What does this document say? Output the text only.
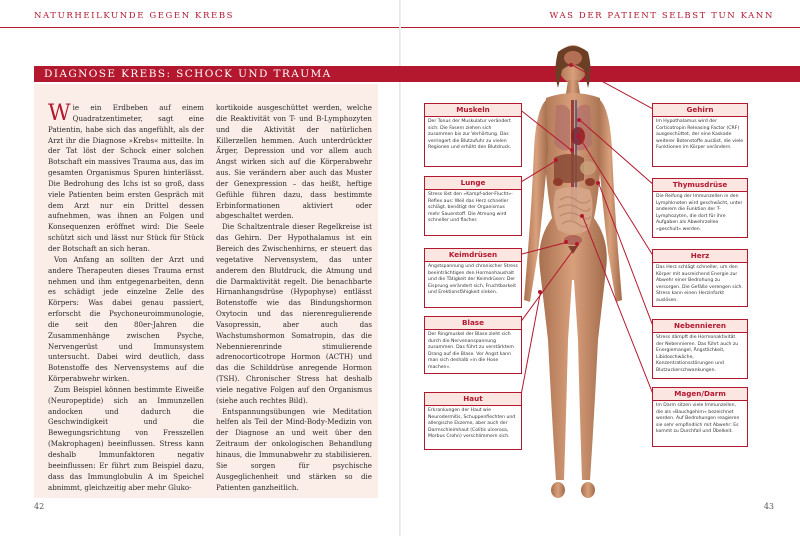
NATURHEILKUNDE GEGEN KREBS	WAS DER PATIENT SELBST TUN KANN
DIAGNOSE KREBS: SCHOCK UND TRAUMA

Wie ein Erdbeben auf einem Quadratzentimeter, sagt eine Patientin, habe sich das angefühlt, als der Arzt ihr die Diagnose »Krebs« mitteilte. In der Tat löst der Schock einer solchen Botschaft ein massives Trauma aus, das im gesamten Organismus Spuren hinterlässt. Die Bedrohung des Ichs ist so groß, dass viele Patienten beim ersten Gespräch mit dem Arzt nur ein Drittel dessen aufnehmen, was ihnen an Folgen und Konsequenzen eröffnet wird: Die Seele schützt sich und lässt nur Stück für Stück der Botschaft an sich heran.

Von Anfang an sollten der Arzt und andere Therapeuten dieses Trauma ernst nehmen und ihm entgegenarbeiten, denn es schädigt jede einzelne Zelle des Körpers: Was dabei genau passiert, erforscht die Psychoneuroimmunologie, die seit den 80er-Jahren die Zusammenhänge zwischen Psyche, Nervengerüst und Immunsystem untersucht. Dabei wird deutlich, dass Botenstoffe des Nervensystems auf die Körperabwehr wirken.

Zum Beispiel können bestimmte Eiweiße (Neuropeptide) sich an Immunzellen andocken und dadurch die Geschwindigkeit und die Bewegungsrichtung von Fresszellen (Makrophagen) beeinflussen. Stress kann deshalb Immunfaktoren negativ beeinflussen: Er führt zum Beispiel dazu, dass das Immunglobulin A im Speichel abnimmt, gleichzeitig aber mehr Gluko-

kortikoide ausgeschüttet werden, welche die Reaktivität von T- und B-Lymphozyten und die Aktivität der natürlichen Killerzellen hemmen. Auch unterdrückter Ärger, Depression und vor allem auch Angst wirken sich auf die Körperabwehr aus. Sie verändern aber auch das Muster der Genexpression – das heißt, heftige Gefühle führen dazu, dass bestimmte Erbinformationen aktiviert oder abgeschaltet werden.

Die Schaltzentrale dieser Regelkreise ist das Gehirn. Der Hypothalamus ist ein Bereich des Zwischenhirns, er steuert das vegetative Nervensystem, das unter anderem den Blutdruck, die Atmung und die Darmaktivität regelt. Die benachbarte Hirnanhangsdrüse (Hypophyse) entlässt Botenstoffe wie das Bindungshormon Oxytocin und das nierenregulierende Vasopressin, aber auch das Wachstumshormon Somatropin, das die Nebennierenrinde stimulierende adrenocorticotrope Hormon (ACTH) und das die Schilddrüse anregende Hormon (TSH). Chronischer Stress hat deshalb viele negative Folgen auf den Organismus (siehe auch rechtes Bild).

Entspannungsübungen wie Meditation helfen als Teil der Mind-Body-Medizin von der Diagnose an und weit über den Zeitraum der onkologischen Behandlung hinaus, die Immunabwehr zu stabilisieren. Sie sorgen für psychische Ausgeglichenheit und stärken so die Patienten ganzheitlich.

Muskeln
Der Tonus der Muskulatur verändert sich: Die Fasern ziehen sich zusammen bis zur Verhärtung. Das verringert die Blutzufuhr zu vielen Regionen und erhöht den Blutdruck.
Lunge
Stress löst den »Kampf-oder-Flucht«-Reflex aus: Weil das Herz schneller schlägt, benötigt der Organismus mehr Sauerstoff. Die Atmung wird schneller und flacher.
Keimdrüsen
Angstspannung und chronischer Stress beeinträchtigen den Hormonhaushalt und die Tätigkeit der Keimdrüsen: Der Eisprung verändert sich, Fruchtbarkeit und Erektionsfähigkeit sinken.
Blase
Der Ringmuskel der Blase zieht sich durch die Nervenanspannung zusammen. Das führt zu verstärktem Drang auf die Blase. Vor Angst kann man sich deshalb »in die Hose machen«.
Haut
Erkrankungen der Haut wie Neurodermitis, Schuppenflechten und allergische Ekzeme, aber auch der Darmschleimhaut (Colitis ulcerosa, Morbus Crohn) verschlimmern sich.
Gehirn
Im Hypothalamus wird der Corticotropin Releasing Factor (CRF) ausgeschüttet, der eine Kaskade weiterer Botenstoffe auslöst, die viele Funktionen im Körper verändern.
Thymusdrüse
Die Reifung der Immunzellen in den Lymphknoten wird geschwächt, unter anderem die Funktion der T-Lymphozyten, die dort für ihre Aufgaben als Abwehrzellen »geschult« werden.
Herz
Das Herz schlägt schneller, um den Körper mit ausreichend Energie zur Abwehr einer Bedrohung zu versorgen. Die Gefäße verengen sich. Stress kann einen Herzinfarkt auslösen.
Nebennieren
Stress dämpft die Hormonaktivität der Nebennieren. Das führt auch zu Energiemangel, Ängstlichkeit, Libidoschwäche, Konzentrationsstörungen und Blutzuckerschwankungen.
Magen/Darm
Im Darm sitzen viele Immunzellen, die als »Bauchgehirn« bezeichnet werden. Auf Bedrohungen reagieren sie sehr empfindlich mit Abwehr: Es kommt zu Durchfall und Übelkeit.
42	43
